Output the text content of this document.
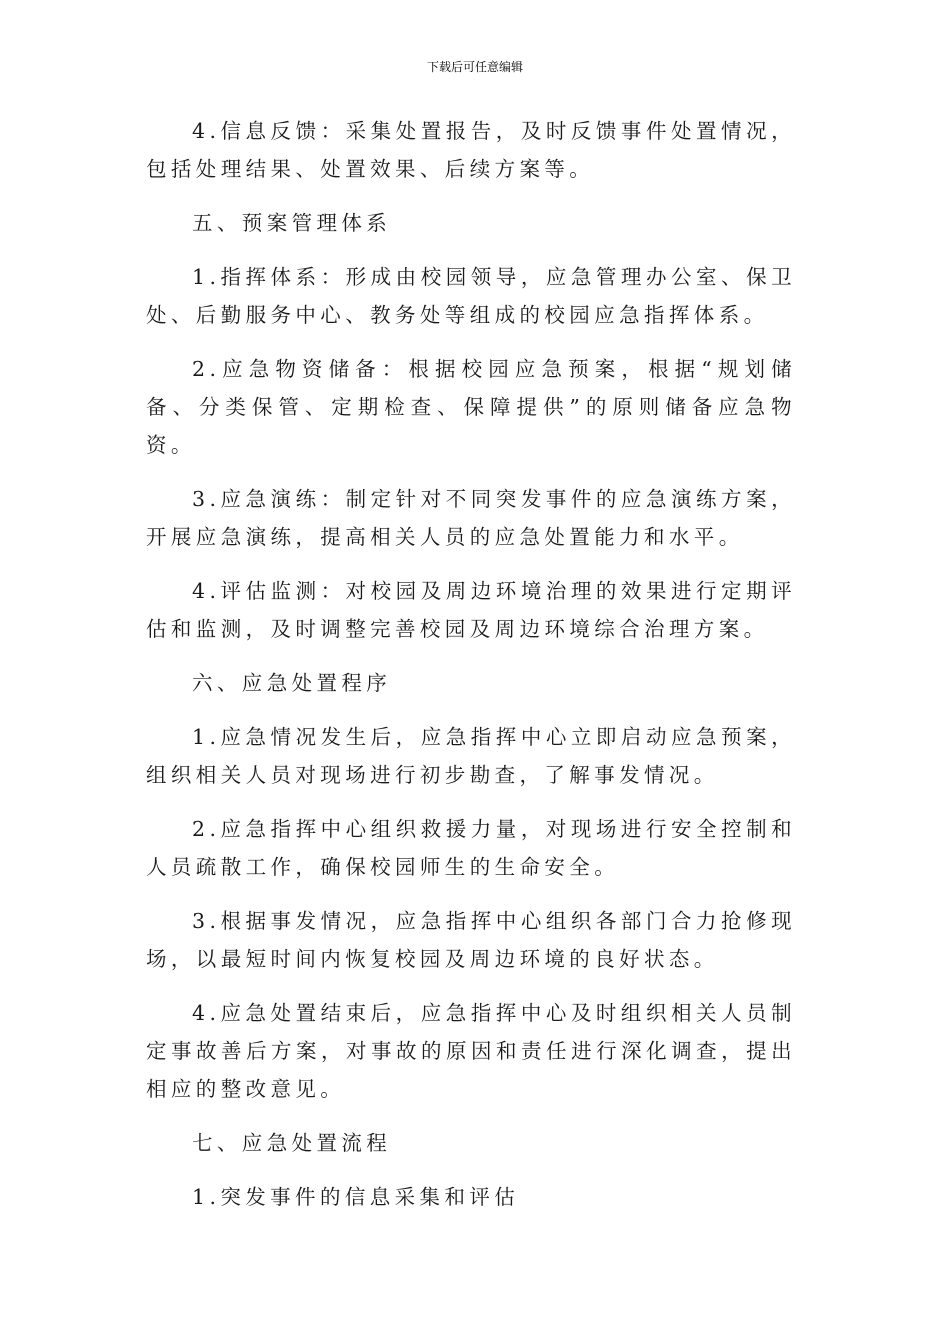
下载后可任意编辑

4.信息反馈：采集处置报告，及时反馈事件处置情况，包括处理结果、处置效果、后续方案等。

五、预案管理体系

1.指挥体系：形成由校园领导，应急管理办公室、保卫处、后勤服务中心、教务处等组成的校园应急指挥体系。

2.应急物资储备：根据校园应急预案，根据“规划储备、分类保管、定期检查、保障提供”的原则储备应急物资。

3.应急演练：制定针对不同突发事件的应急演练方案，开展应急演练，提高相关人员的应急处置能力和水平。

4.评估监测：对校园及周边环境治理的效果进行定期评估和监测，及时调整完善校园及周边环境综合治理方案。

六、应急处置程序

1.应急情况发生后，应急指挥中心立即启动应急预案，组织相关人员对现场进行初步勘查，了解事发情况。

2.应急指挥中心组织救援力量，对现场进行安全控制和人员疏散工作，确保校园师生的生命安全。

3.根据事发情况，应急指挥中心组织各部门合力抢修现场，以最短时间内恢复校园及周边环境的良好状态。

4.应急处置结束后，应急指挥中心及时组织相关人员制定事故善后方案，对事故的原因和责任进行深化调查，提出相应的整改意见。

七、应急处置流程

1.突发事件的信息采集和评估
